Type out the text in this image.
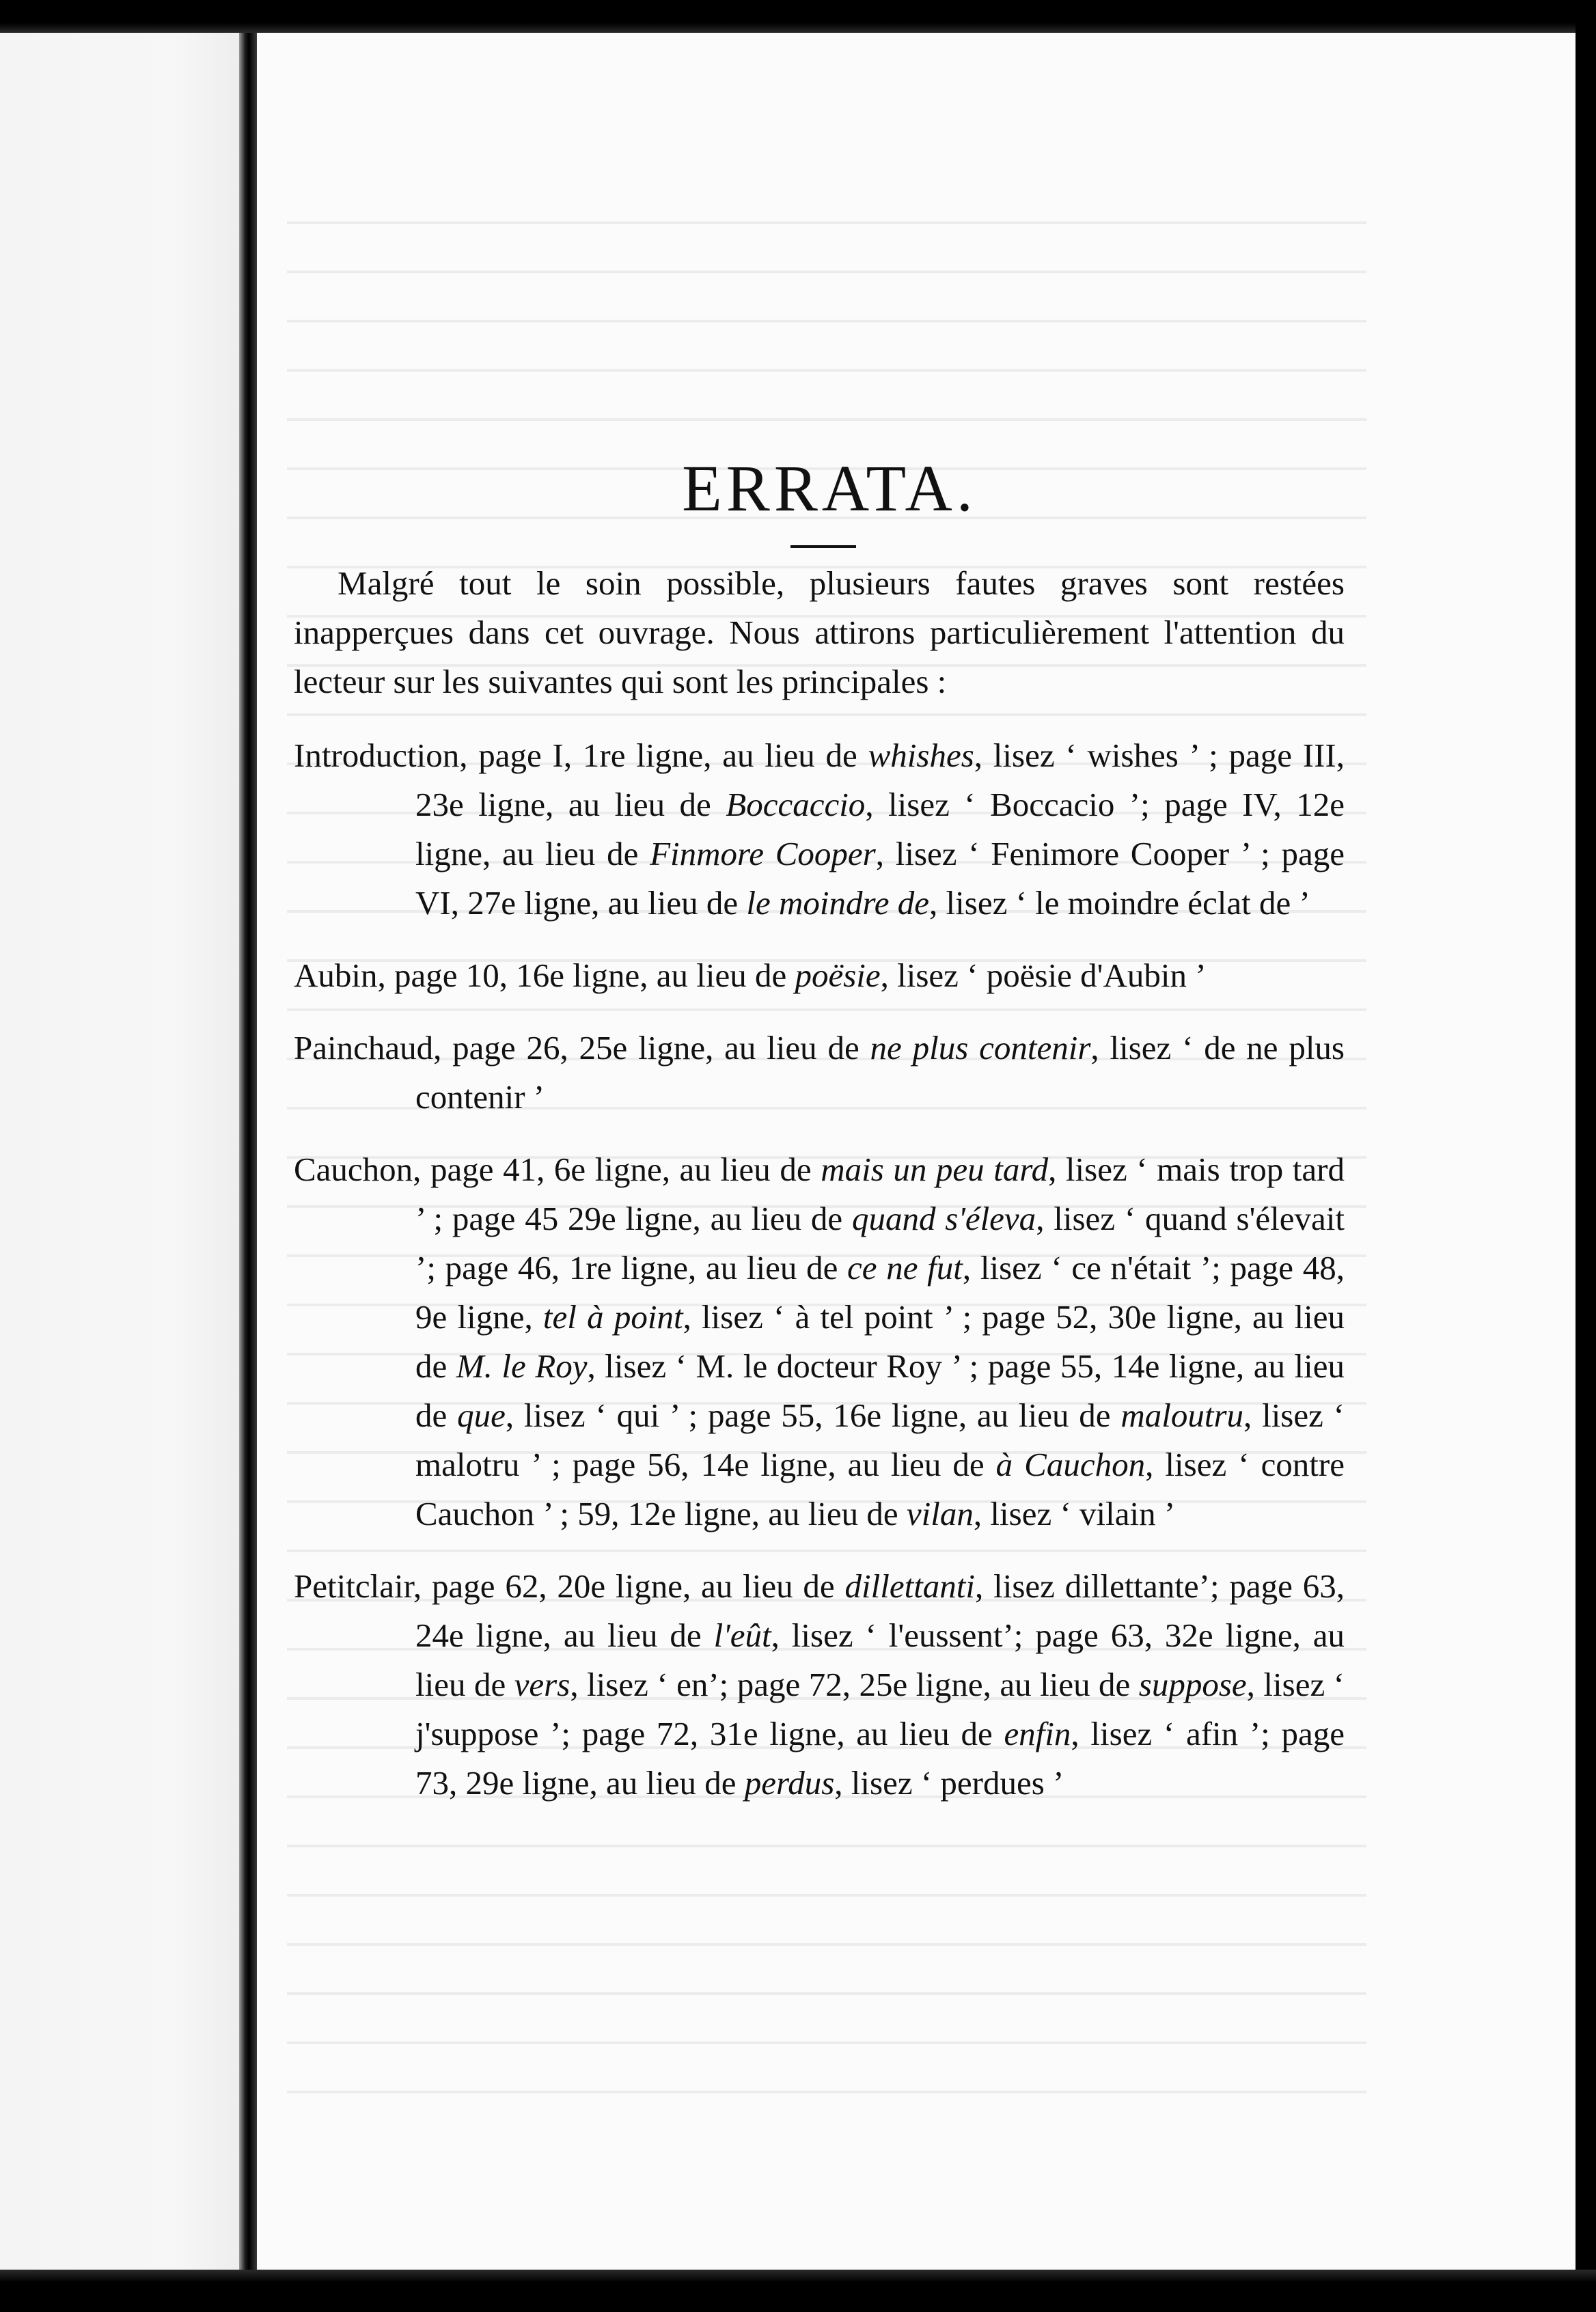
ERRATA.

Malgré tout le soin possible, plusieurs fautes graves sont restées inapperçues dans cet ouvrage. Nous attirons particulièrement l'attention du lecteur sur les suivantes qui sont les principales :

Introduction, page I, 1re ligne, au lieu de whishes, lisez ‘ wishes ’ ; page III, 23e ligne, au lieu de Boccaccio, lisez ‘ Boccacio ’; page IV, 12e ligne, au lieu de Finmore Cooper, lisez ‘ Fenimore Cooper ’ ; page VI, 27e ligne, au lieu de le moindre de, lisez ‘ le moindre éclat de ’

Aubin, page 10, 16e ligne, au lieu de poësie, lisez ‘ poësie d'Aubin ’

Painchaud, page 26, 25e ligne, au lieu de ne plus contenir, lisez ‘ de ne plus contenir ’

Cauchon, page 41, 6e ligne, au lieu de mais un peu tard, lisez ‘ mais trop tard ’ ; page 45 29e ligne, au lieu de quand s'éleva, lisez ‘ quand s'élevait ’; page 46, 1re ligne, au lieu de ce ne fut, lisez ‘ ce n'était ’; page 48, 9e ligne, tel à point, lisez ‘ à tel point ’ ; page 52, 30e ligne, au lieu de M. le Roy, lisez ‘ M. le docteur Roy ’ ; page 55, 14e ligne, au lieu de que, lisez ‘ qui ’ ; page 55, 16e ligne, au lieu de maloutru, lisez ‘ malotru ’ ; page 56, 14e ligne, au lieu de à Cauchon, lisez ‘ contre Cauchon ’ ; 59, 12e ligne, au lieu de vilan, lisez ‘ vilain ’

Petitclair, page 62, 20e ligne, au lieu de dillettanti, lisez dillettante’; page 63, 24e ligne, au lieu de l'eût, lisez ‘ l'eussent’; page 63, 32e ligne, au lieu de vers, lisez ‘ en’; page 72, 25e ligne, au lieu de suppose, lisez ‘ j'suppose ’; page 72, 31e ligne, au lieu de enfin, lisez ‘ afin ’; page 73, 29e ligne, au lieu de perdus, lisez ‘ perdues ’
